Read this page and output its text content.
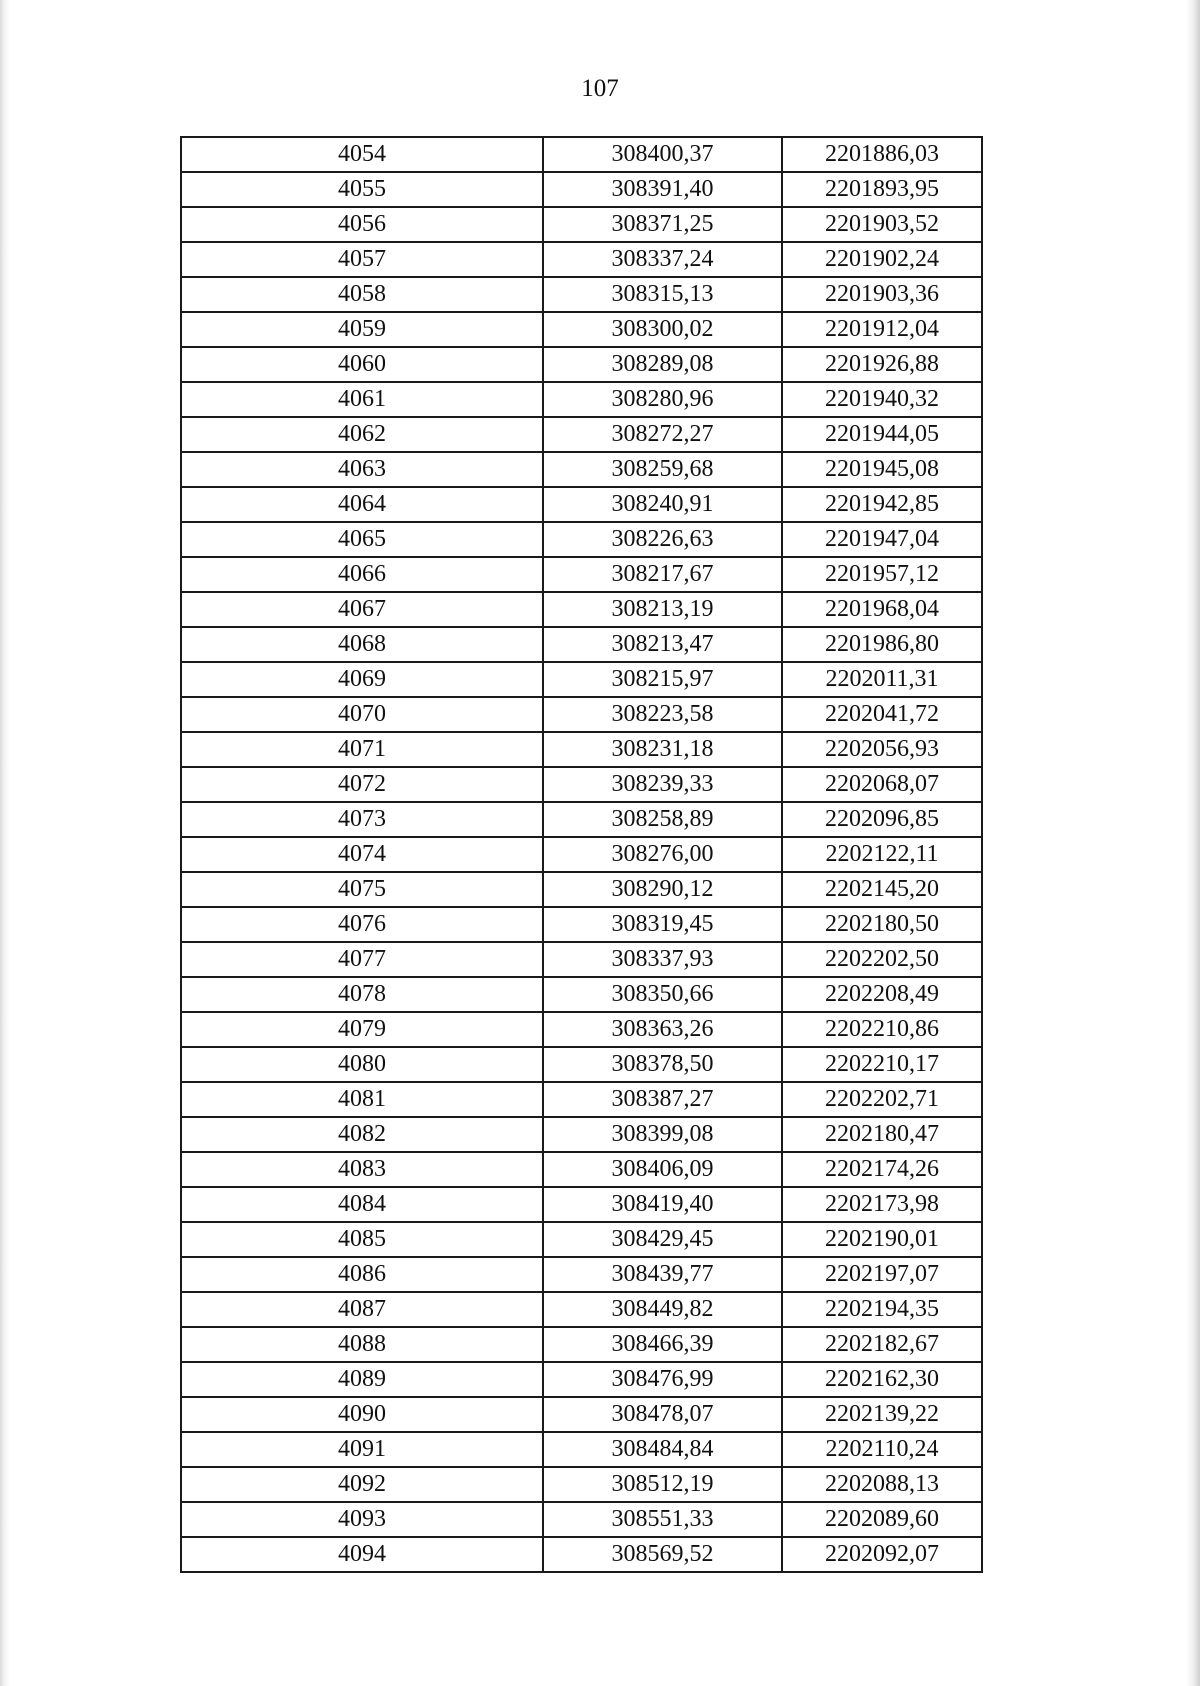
107
4054	308400,37	2201886,03
4055	308391,40	2201893,95
4056	308371,25	2201903,52
4057	308337,24	2201902,24
4058	308315,13	2201903,36
4059	308300,02	2201912,04
4060	308289,08	2201926,88
4061	308280,96	2201940,32
4062	308272,27	2201944,05
4063	308259,68	2201945,08
4064	308240,91	2201942,85
4065	308226,63	2201947,04
4066	308217,67	2201957,12
4067	308213,19	2201968,04
4068	308213,47	2201986,80
4069	308215,97	2202011,31
4070	308223,58	2202041,72
4071	308231,18	2202056,93
4072	308239,33	2202068,07
4073	308258,89	2202096,85
4074	308276,00	2202122,11
4075	308290,12	2202145,20
4076	308319,45	2202180,50
4077	308337,93	2202202,50
4078	308350,66	2202208,49
4079	308363,26	2202210,86
4080	308378,50	2202210,17
4081	308387,27	2202202,71
4082	308399,08	2202180,47
4083	308406,09	2202174,26
4084	308419,40	2202173,98
4085	308429,45	2202190,01
4086	308439,77	2202197,07
4087	308449,82	2202194,35
4088	308466,39	2202182,67
4089	308476,99	2202162,30
4090	308478,07	2202139,22
4091	308484,84	2202110,24
4092	308512,19	2202088,13
4093	308551,33	2202089,60
4094	308569,52	2202092,07
